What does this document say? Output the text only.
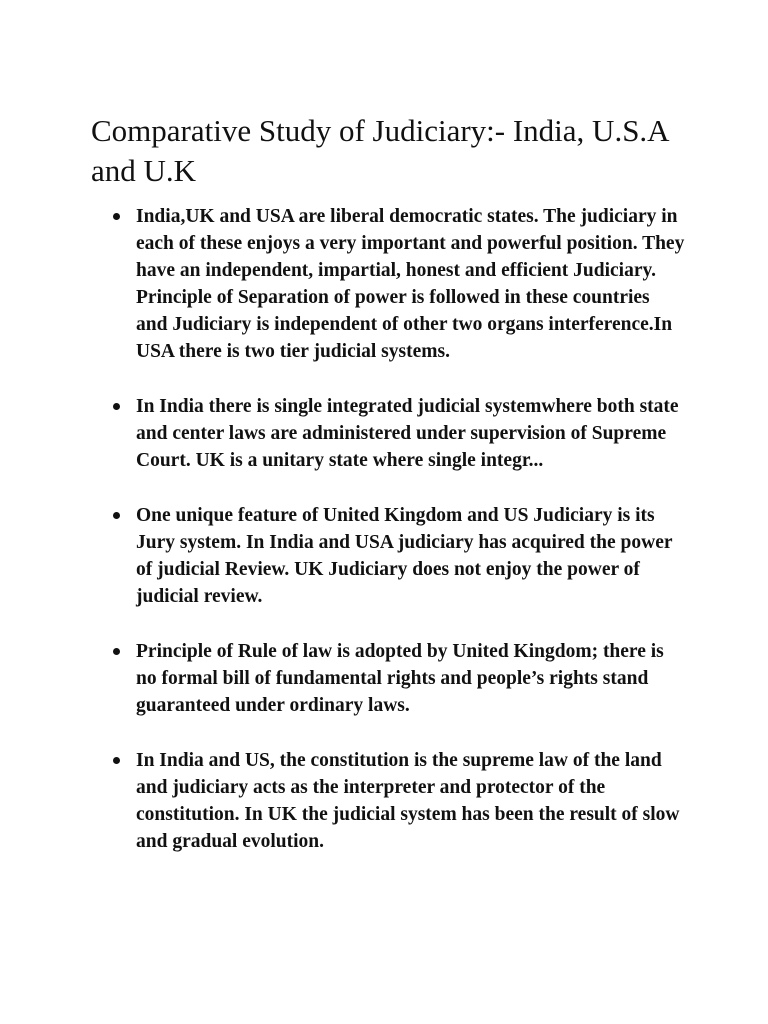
Comparative Study of Judiciary:- India, U.S.A and U.K
India,UK and USA are liberal democratic states. The judiciary in each of these enjoys a very important and powerful position. They have an independent, impartial, honest and efficient Judiciary. Principle of Separation of power is followed in these countries and Judiciary is independent of other two organs interference.In USA there is two tier judicial systems.
In India there is single integrated judicial systemwhere both state and center laws are administered under supervision of Supreme Court. UK is a unitary state where single integr...
One unique feature of United Kingdom and US Judiciary is its Jury system. In India and USA judiciary has acquired the power of judicial Review. UK Judiciary does not enjoy the power of judicial review.
Principle of Rule of law is adopted by United Kingdom; there is no formal bill of fundamental rights and people’s rights stand guaranteed under ordinary laws.
In India and US, the constitution is the supreme law of the land and judiciary acts as the interpreter and protector of the constitution. In UK the judicial system has been the result of slow and gradual evolution.
